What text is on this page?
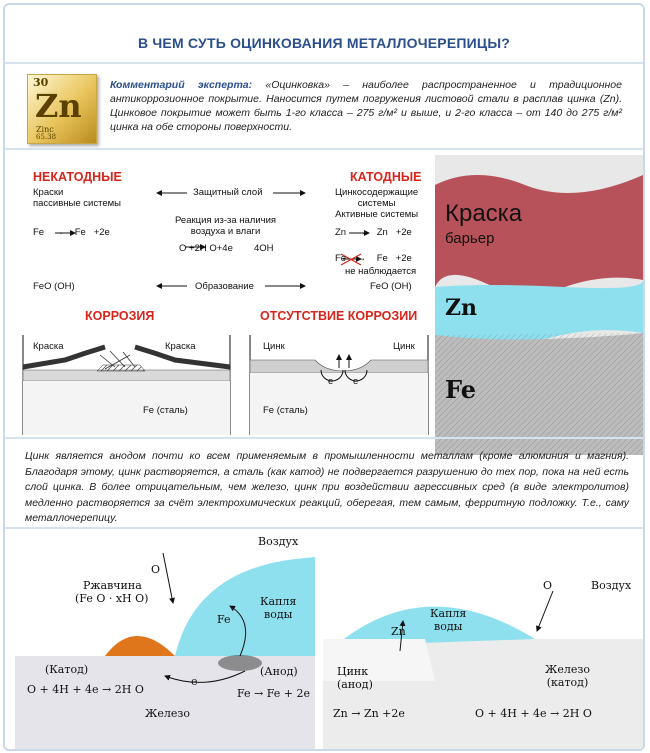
В ЧЕМ СУТЬ ОЦИНКОВАНИЯ МЕТАЛЛОЧЕРЕПИЦЫ?
30
Zn
Zinc
65.38
Комментарий эксперта: «Оцинковка» – наиболее распространенное и традиционное антикоррозионное покрытие. Наносится путем погружения листовой стали в расплав цинка (Zn). Цинковое покрытие может быть 1-го класса – 275 г/м² и выше, и 2-го класса – от 140 до 275 г/м² цинка на обе стороны поверхности.
НЕКАТОДНЫЕ
Краски
пассивные системы
КАТОДНЫЕ
Цинкосодержащие
системы
Активные системы
Защитный слой
Реакция из-за наличия
воздуха и влаги
O +2H O+4e        4OH
Fe    →    Fe   +2e	Zn    →    Zn   +2e
Fe    →    Fe   +2e
не наблюдается
FeO (OH)	Образование	FeO (OH)
КОРРОЗИЯ	ОТСУТСТВИЕ КОРРОЗИИ
Краска	Краска
Fe (сталь)
Цинк	Цинк
Fe (сталь)
e e
Краска
барьер
Zn
Fe
Цинк является анодом почти ко всем применяемым в промышленности металлам (кроме алюминия и магния). Благодаря этому, цинк растворяется, а сталь (как катод) не подвергается разрушению до тех пор, пока на ней есть слой цинка. В более отрицательным, чем железо, цинк при воздействии агрессивных сред (в виде электролитов) медленно растворяется за счёт электрохимических реакций, оберегая, тем самым, ферритную подложку. Т.е., саму металлочерепицу.
Воздух
O
Ржавчина
(Fe O · xH O)	Капля
воды
Fe
(Катод)
O + 4H + 4e → 2H O
e
(Анод)
Fe → Fe + 2e
Железо
Воздух
O
Капля
воды
Zn
Цинк
(анод)
Zn → Zn +2e
Железо
(катод)
O + 4H + 4e → 2H O
